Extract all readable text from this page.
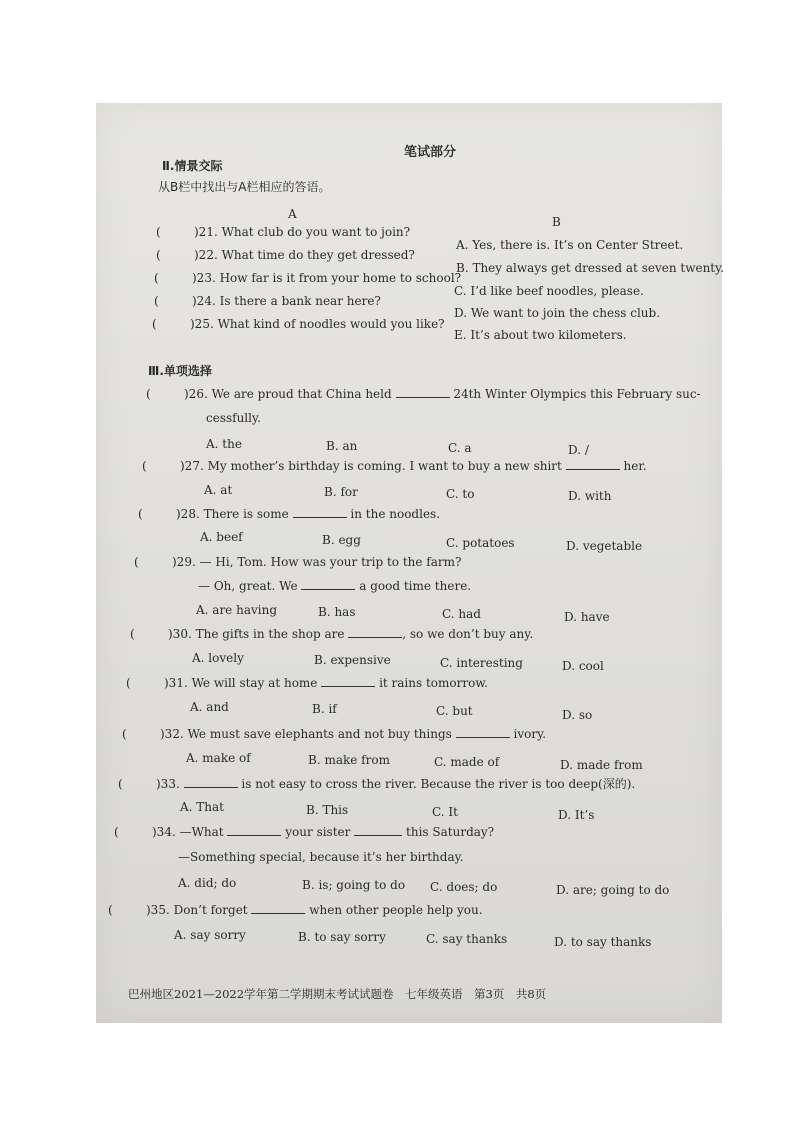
笔试部分
Ⅱ.情景交际
从B栏中找出与A栏相应的答语。
A
B
(	)21. What club do you want to join?
(	)22. What time do they get dressed?
(	)23. How far is it from your home to school?
(	)24. Is there a bank near here?
(	)25. What kind of noodles would you like?
A. Yes, there is. It’s on Center Street.
B. They always get dressed at seven twenty.
C. I’d like beef noodles, please.
D. We want to join the chess club.
E. It’s about two kilometers.
Ⅲ.单项选择
(	)26. We are proud that China held	24th Winter Olympics this February suc-
cessfully.
A. the	B. an	C. a	D. /
(	)27. My mother’s birthday is coming. I want to buy a new shirt	her.
A. at	B. for	C. to	D. with
(	)28. There is some	in the noodles.
A. beef	B. egg	C. potatoes	D. vegetable
(	)29. — Hi, Tom. How was your trip to the farm?
— Oh, great. We	a good time there.
A. are having	B. has	C. had	D. have
(	)30. The gifts in the shop are	, so we don’t buy any.
A. lovely	B. expensive	C. interesting	D. cool
(	)31. We will stay at home	it rains tomorrow.
A. and	B. if	C. but	D. so
(	)32. We must save elephants and not buy things	ivory.
A. make of	B. make from	C. made of	D. made from
(	)33.	is not easy to cross the river. Because the river is too deep(深的).
A. That	B. This	C. It	D. It’s
(	)34. —What	your sister	this Saturday?
—Something special, because it’s her birthday.
A. did; do	B. is; going to do C. does; do	D. are; going to do
(	)35. Don’t forget	when other people help you.
A. say sorry	B. to say sorry	C. say thanks	D. to say thanks
巴州地区2021—2022学年第二学期期末考试试题卷　七年级英语　第3页　共8页
